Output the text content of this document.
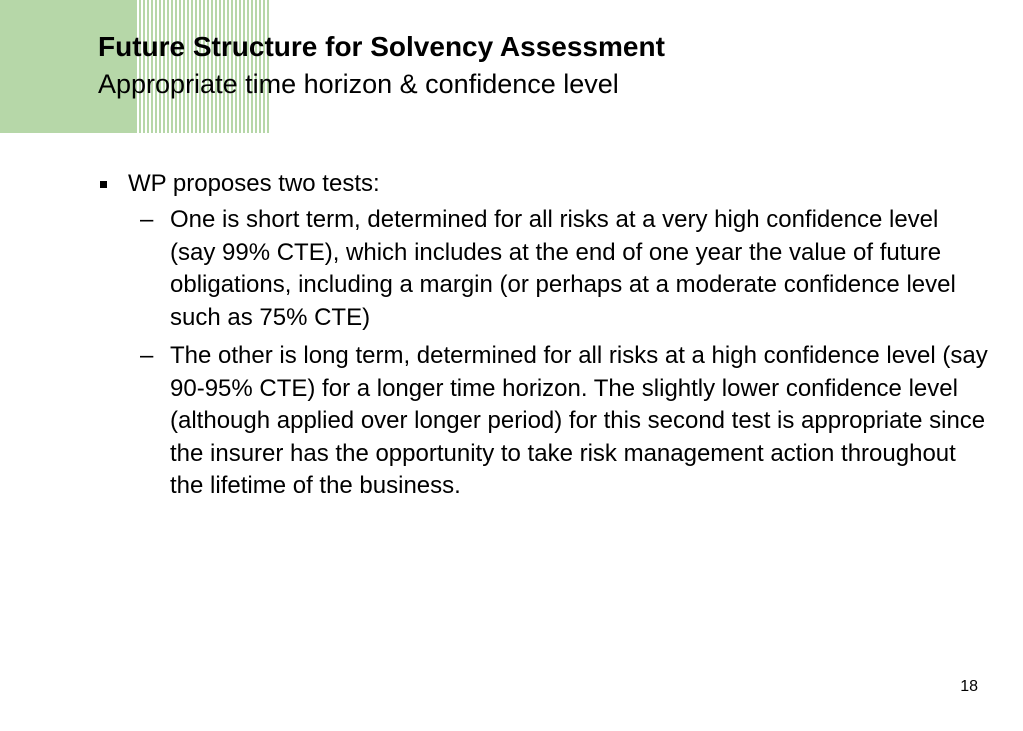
Future Structure for Solvency Assessment
Appropriate time horizon & confidence level
WP proposes two tests:
– One is short term, determined for all risks at a very high confidence level (say 99% CTE), which includes at the end of one year the value of future obligations, including a margin (or perhaps at a moderate confidence level such as 75% CTE)
– The other is long term, determined for all risks at a high confidence level (say 90-95% CTE) for a longer time horizon. The slightly lower confidence level (although applied over longer period) for this second test is appropriate since the insurer has the opportunity to take risk management action throughout the lifetime of the business.
18
